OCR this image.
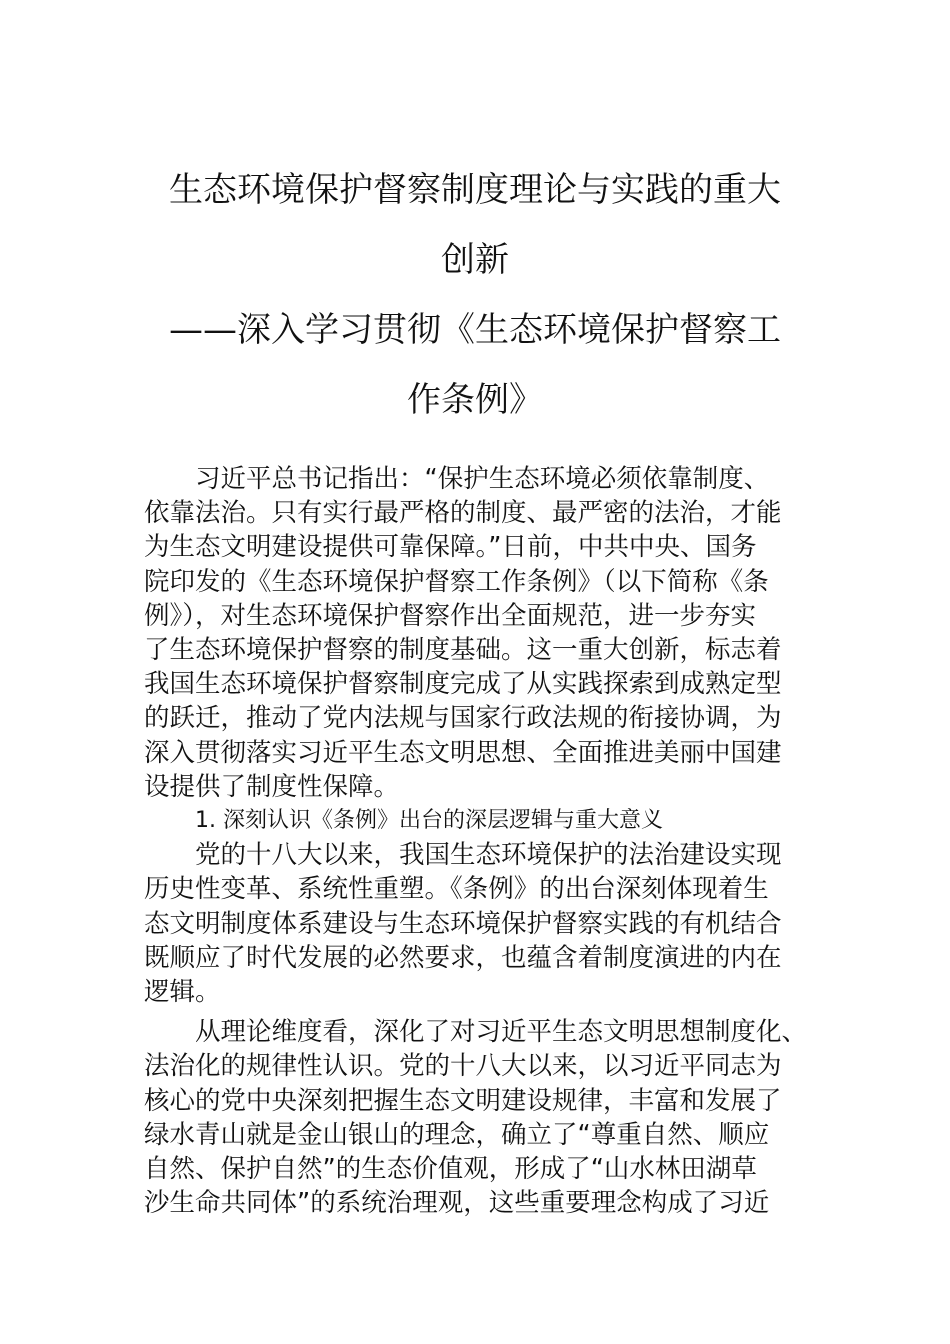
生态环境保护督察制度理论与实践的重大
创新
——深入学习贯彻《生态环境保护督察工
作条例》
习近平总书记指出：“保护生态环境必须依靠制度、
依靠法治。只有实行最严格的制度、最严密的法治，才能
为生态文明建设提供可靠保障。”日前，中共中央、国务
院印发的《生态环境保护督察工作条例》（以下简称《条
例》），对生态环境保护督察作出全面规范，进一步夯实
了生态环境保护督察的制度基础。这一重大创新，标志着
我国生态环境保护督察制度完成了从实践探索到成熟定型
的跃迁，推动了党内法规与国家行政法规的衔接协调，为
深入贯彻落实习近平生态文明思想、全面推进美丽中国建
设提供了制度性保障。
1. 深刻认识《条例》出台的深层逻辑与重大意义
党的十八大以来，我国生态环境保护的法治建设实现
历史性变革、系统性重塑。《条例》的出台深刻体现着生
态文明制度体系建设与生态环境保护督察实践的有机结合
既顺应了时代发展的必然要求，也蕴含着制度演进的内在
逻辑。
从理论维度看，深化了对习近平生态文明思想制度化、
法治化的规律性认识。党的十八大以来，以习近平同志为
核心的党中央深刻把握生态文明建设规律，丰富和发展了
绿水青山就是金山银山的理念，确立了“尊重自然、顺应
自然、保护自然”的生态价值观，形成了“山水林田湖草
沙生命共同体”的系统治理观，这些重要理念构成了习近
